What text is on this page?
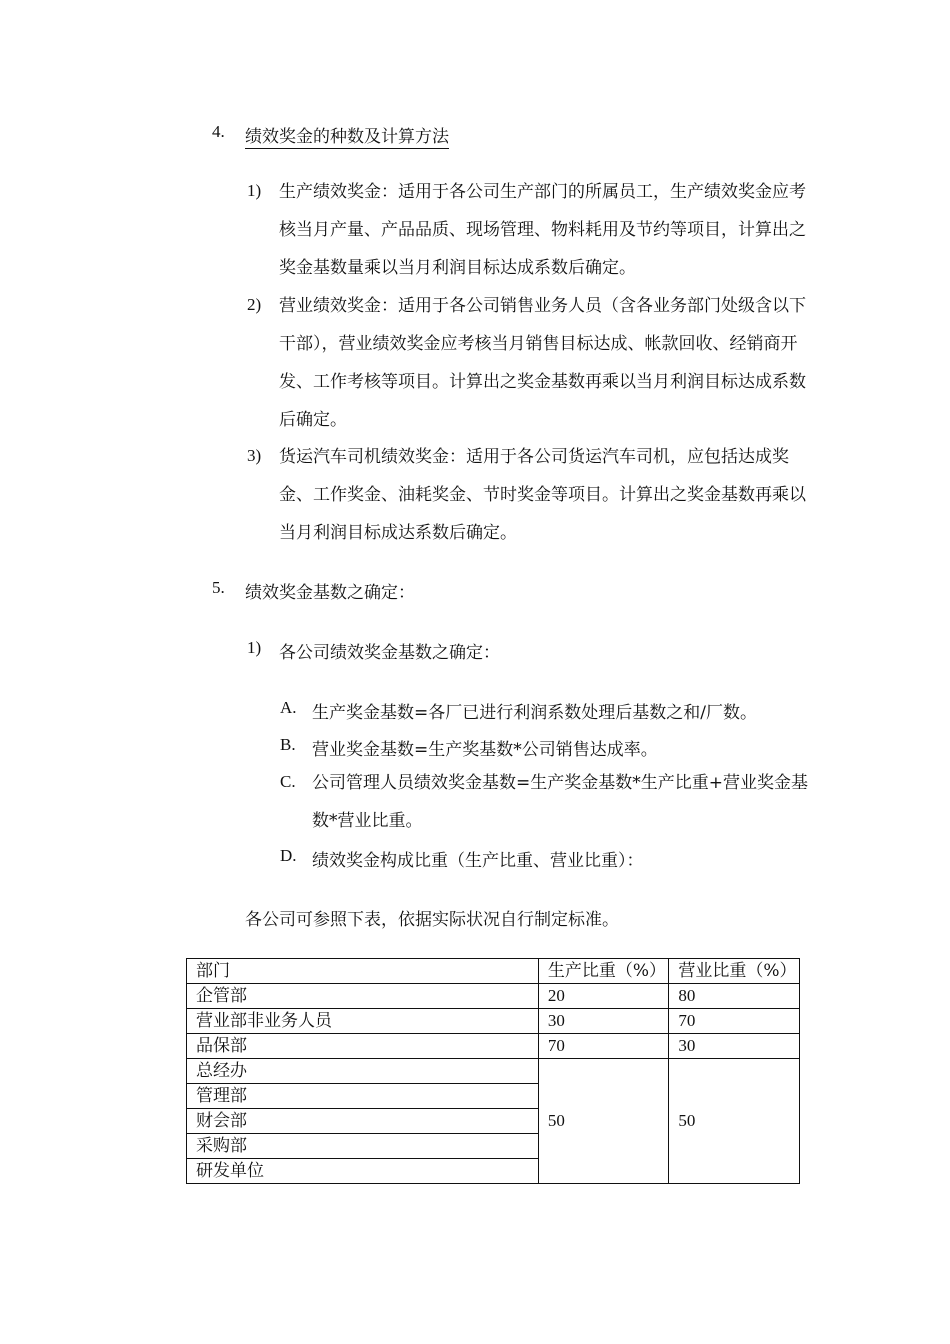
4. 绩效奖金的种数及计算方法
1) 生产绩效奖金：适用于各公司生产部门的所属员工，生产绩效奖金应考核当月产量、产品品质、现场管理、物料耗用及节约等项目，计算出之奖金基数量乘以当月利润目标达成系数后确定。
2) 营业绩效奖金：适用于各公司销售业务人员（含各业务部门处级含以下干部），营业绩效奖金应考核当月销售目标达成、帐款回收、经销商开发、工作考核等项目。计算出之奖金基数再乘以当月利润目标达成系数后确定。
3) 货运汽车司机绩效奖金：适用于各公司货运汽车司机，应包括达成奖金、工作奖金、油耗奖金、节时奖金等项目。计算出之奖金基数再乘以当月利润目标成达系数后确定。
5. 绩效奖金基数之确定：
1) 各公司绩效奖金基数之确定：
A. 生产奖金基数=各厂已进行利润系数处理后基数之和/厂数。
B. 营业奖金基数=生产奖基数*公司销售达成率。
C. 公司管理人员绩效奖金基数=生产奖金基数*生产比重+营业奖金基数*营业比重。
D. 绩效奖金构成比重（生产比重、营业比重）：
各公司可参照下表，依据实际状况自行制定标准。
部门	生产比重（%）	营业比重（%）
企管部	20	80
营业部非业务人员	30	70
品保部	70	30
总经办	50	50
管理部		
财会部		
采购部		
研发单位		
